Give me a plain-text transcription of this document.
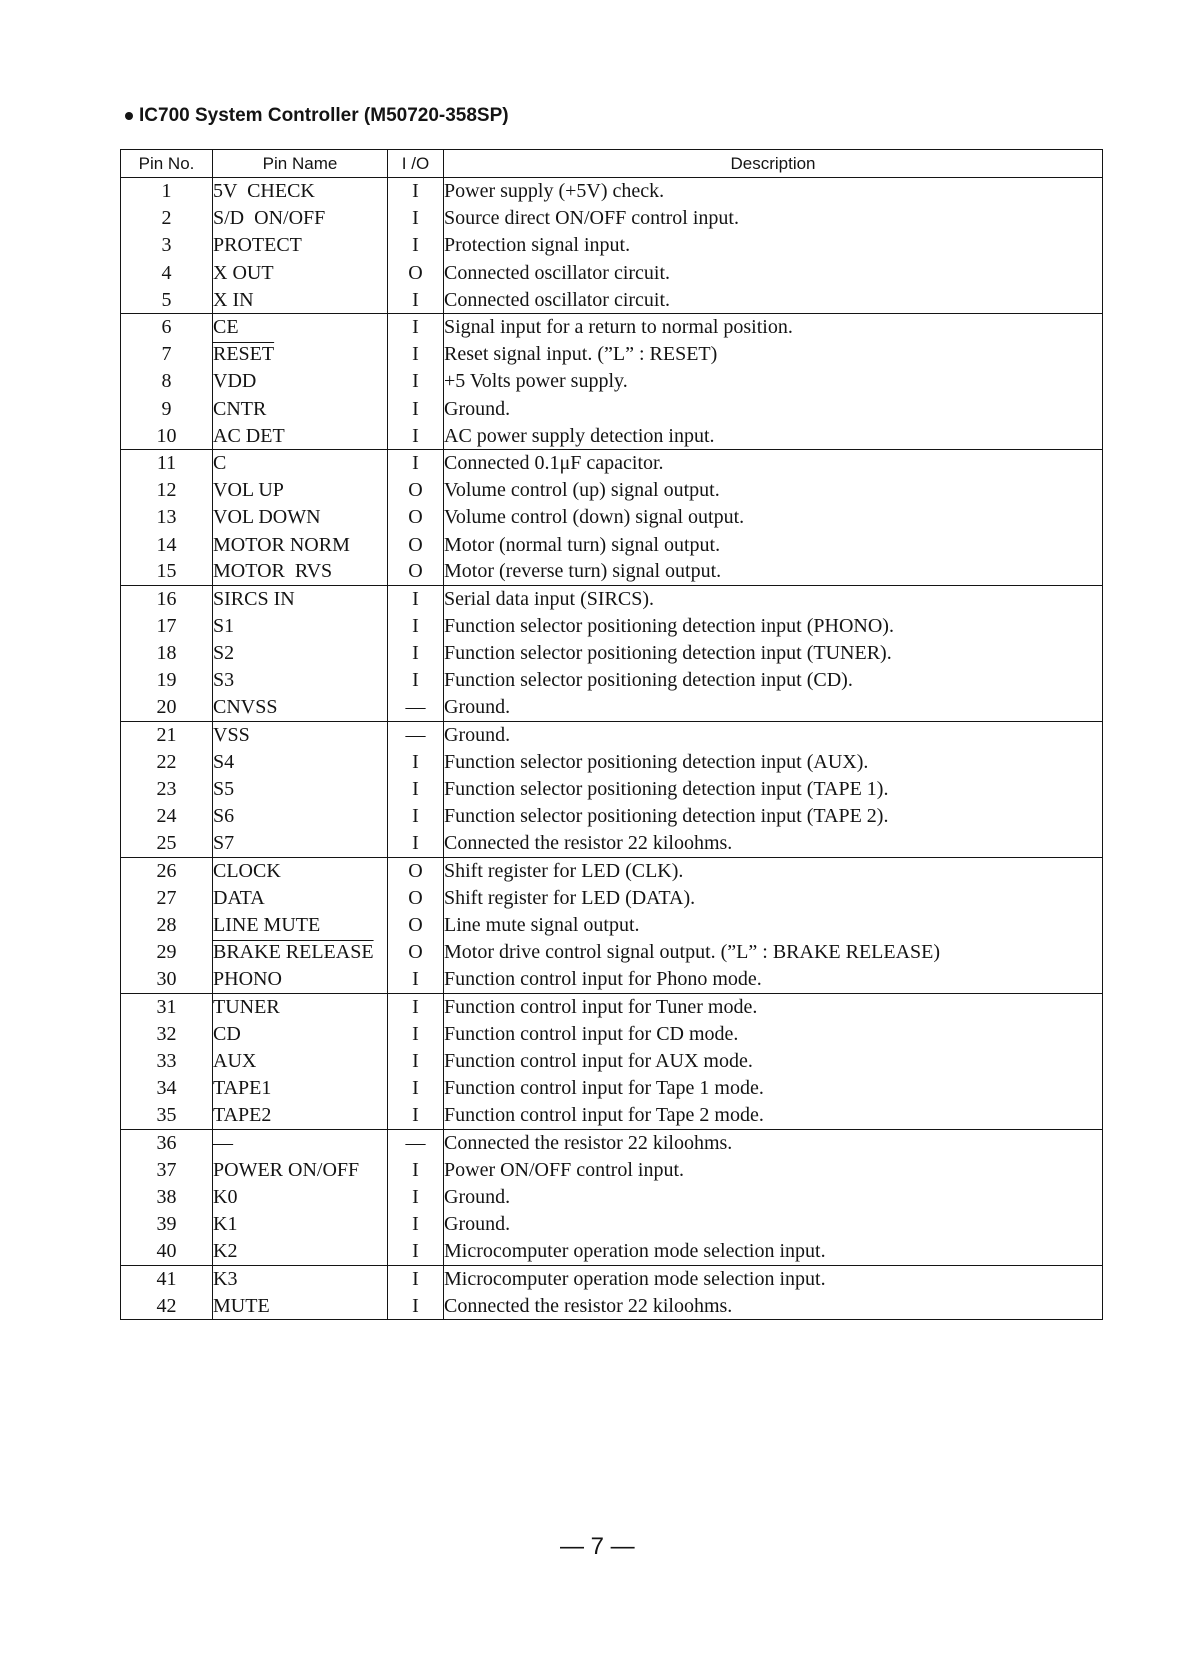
IC700 System Controller (M50720-358SP)
Pin No.	Pin Name	I /O	Description
1	5V  CHECK	I	Power supply (+5V) check.
2	S/D  ON/OFF	I	Source direct ON/OFF control input.
3	PROTECT	I	Protection signal input.
4	X OUT	O	Connected oscillator circuit.
5	X IN	I	Connected oscillator circuit.
6	CE	I	Signal input for a return to normal position.
7	RESET	I	Reset signal input. (”L” : RESET)
8	VDD	I	+5 Volts power supply.
9	CNTR	I	Ground.
10	AC DET	I	AC power supply detection input.
11	C	I	Connected 0.1μF capacitor.
12	VOL UP	O	Volume control (up) signal output.
13	VOL DOWN	O	Volume control (down) signal output.
14	MOTOR NORM	O	Motor (normal turn) signal output.
15	MOTOR  RVS	O	Motor (reverse turn) signal output.
16	SIRCS IN	I	Serial data input (SIRCS).
17	S1	I	Function selector positioning detection input (PHONO).
18	S2	I	Function selector positioning detection input (TUNER).
19	S3	I	Function selector positioning detection input (CD).
20	CNVSS	—	Ground.
21	VSS	—	Ground.
22	S4	I	Function selector positioning detection input (AUX).
23	S5	I	Function selector positioning detection input (TAPE 1).
24	S6	I	Function selector positioning detection input (TAPE 2).
25	S7	I	Connected the resistor 22 kiloohms.
26	CLOCK	O	Shift register for LED (CLK).
27	DATA	O	Shift register for LED (DATA).
28	LINE MUTE	O	Line mute signal output.
29	BRAKE RELEASE	O	Motor drive control signal output. (”L” : BRAKE RELEASE)
30	PHONO	I	Function control input for Phono mode.
31	TUNER	I	Function control input for Tuner mode.
32	CD	I	Function control input for CD mode.
33	AUX	I	Function control input for AUX mode.
34	TAPE1	I	Function control input for Tape 1 mode.
35	TAPE2	I	Function control input for Tape 2 mode.
36	—	—	Connected the resistor 22 kiloohms.
37	POWER ON/OFF	I	Power ON/OFF control input.
38	K0	I	Ground.
39	K1	I	Ground.
40	K2	I	Microcomputer operation mode selection input.
41	K3	I	Microcomputer operation mode selection input.
42	MUTE	I	Connected the resistor 22 kiloohms.
— 7 —
